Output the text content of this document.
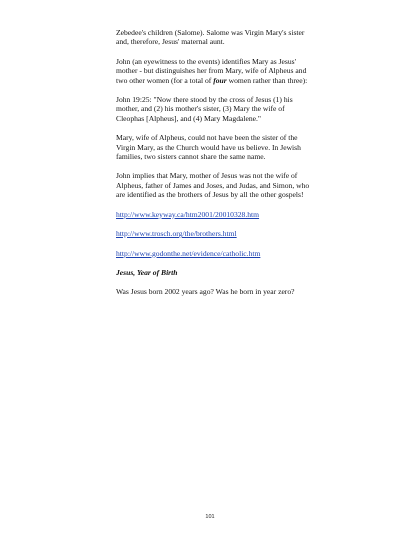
Zebedee's children (Salome). Salome was Virgin Mary's sister and, therefore, Jesus' maternal aunt.

John (an eyewitness to the events) identifies Mary as Jesus' mother - but distinguishes her from Mary, wife of Alpheus and two other women (for a total of four women rather than three):

John 19:25: "Now there stood by the cross of Jesus (1) his mother, and (2) his mother's sister, (3) Mary the wife of Cleophas [Alpheus], and (4) Mary Magdalene."

Mary, wife of Alpheus, could not have been the sister of the Virgin Mary, as the Church would have us believe. In Jewish families, two sisters cannot share the same name.

John implies that Mary, mother of Jesus was not the wife of Alpheus, father of James and Joses, and Judas, and Simon, who are identified as the brothers of Jesus by all the other gospels!

http://www.keyway.ca/htm2001/20010328.htm
http://www.trosch.org/the/brothers.html
http://www.godonthe.net/evidence/catholic.htm

Jesus, Year of Birth

Was Jesus born 2002 years ago? Was he born in year zero?

101
